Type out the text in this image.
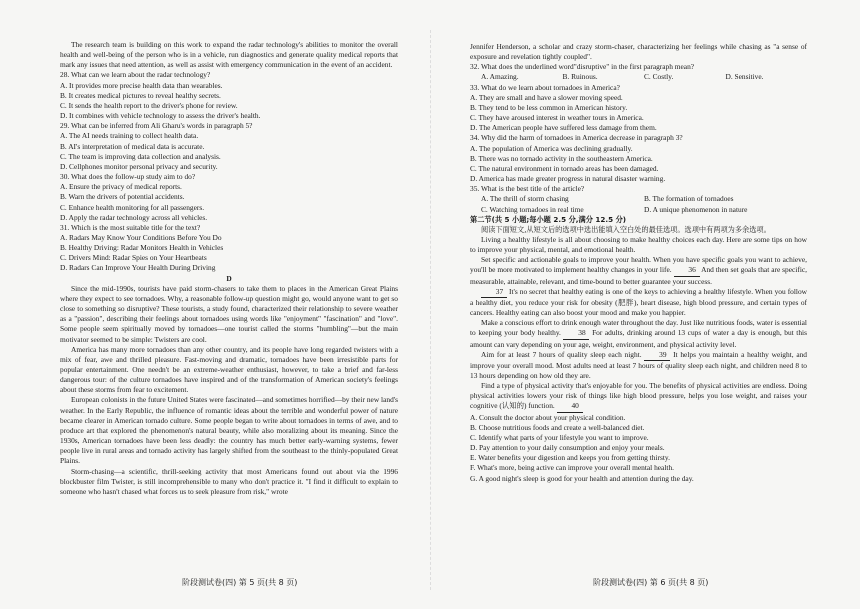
The research team is building on this work to expand the radar technology's abilities to monitor the overall health and well-being of the person who is in a vehicle, run diagnostics and generate quality medical reports that mark any issues that need attention, as well as assist with emergency communication in the event of an accident.

28. What can we learn about the radar technology?

A. It provides more precise health data than wearables.

B. It creates medical pictures to reveal healthy secrets.

C. It sends the health report to the driver's phone for review.

D. It combines with vehicle technology to assess the driver's health.

29. What can be inferred from Ali Gharu's words in paragraph 5?

A. The AI needs training to collect health data.

B. AI's interpretation of medical data is accurate.

C. The team is improving data collection and analysis.

D. Cellphones monitor personal privacy and security.

30. What does the follow-up study aim to do?

A. Ensure the privacy of medical reports.

B. Warn the drivers of potential accidents.

C. Enhance health monitoring for all passengers.

D. Apply the radar technology across all vehicles.

31. Which is the most suitable title for the text?

A. Radars May Know Your Conditions Before You Do

B. Healthy Driving: Radar Monitors Health in Vehicles

C. Drivers Mind: Radar Spies on Your Heartbeats

D. Radars Can Improve Your Health During Driving

D

Since the mid-1990s, tourists have paid storm-chasers to take them to places in the American Great Plains where they expect to see tornadoes. Why, a reasonable follow-up question might go, would anyone want to get so close to something so disruptive? These tourists, a study found, characterized their relationship to severe weather as a "passion", describing their feelings about tornadoes using words like "enjoyment" "fascination" and "love". Some people seem spiritually moved by tornadoes—one tourist called the storms "humbling"—but the main motivator seemed to be simple: Twisters are cool.

America has many more tornadoes than any other country, and its people have long regarded twisters with a mix of fear, awe and thrilled pleasure. Fast-moving and dramatic, tornadoes have been irresistible parts for popular entertainment. One needn't be an extreme-weather enthusiast, however, to take a brief and far-less dangerous tour: of the culture tornadoes have inspired and of the transformation of American society's feelings about these storms from fear to excitement.

European colonists in the future United States were fascinated—and sometimes horrified—by their new land's weather. In the Early Republic, the influence of romantic ideas about the terrible and wonderful power of nature became clearer in American tornado culture. Some people began to write about tornadoes in terms of awe, and to produce art that explored the phenomenon's natural beauty, while also moralizing about its meaning. Since the 1930s, American tornadoes have been less deadly: the country has much better early-warning systems, fewer people live in rural areas and tornado activity has largely shifted from the southeast to the thinly-populated Great Plains.

Storm-chasing—a scientific, thrill-seeking activity that most Americans found out about via the 1996 blockbuster film Twister, is still incomprehensible to many who don't practice it. "I find it difficult to explain to someone who hasn't chased what forces us to seek pleasure from risk," wrote

Jennifer Henderson, a scholar and crazy storm-chaser, characterizing her feelings while chasing as "a sense of exposure and revelation tightly coupled".

32. What does the underlined word"disruptive" in the first paragraph mean?

A. Amazing.	B. Ruinous.	C. Costly.	D. Sensitive.

33. What do we learn about tornadoes in America?

A. They are small and have a slower moving speed.

B. They tend to be less common in American history.

C. They have aroused interest in weather tours in America.

D. The American people have suffered less damage from them.

34. Why did the harm of tornadoes in America decrease in paragraph 3?

A. The population of America was declining gradually.

B. There was no tornado activity in the southeastern America.

C. The natural environment in tornado areas has been damaged.

D. America has made greater progress in natural disaster warning.

35. What is the best title of the article?

A. The thrill of storm chasing	B. The formation of tornadoes
C. Watching tornadoes in real time	D. A unique phenomenon in nature

第二节(共 5 小题;每小题 2.5 分,满分 12.5 分)

阅读下面短文,从短文后的选项中选出能填入空白处的最佳选项。选项中有两项为多余选项。

Living a healthy lifestyle is all about choosing to make healthy choices each day. Here are some tips on how to improve your physical, mental, and emotional health.

Set specific and actionable goals to improve your health. When you have specific goals you want to achieve, you'll be more motivated to implement healthy changes in your life. 36 And then set goals that are specific, measurable, attainable, relevant, and time-bound to better guarantee your success.

37 It's no secret that healthy eating is one of the keys to achieving a healthy lifestyle. When you follow a healthy diet, you reduce your risk for obesity (肥胖), heart disease, high blood pressure, and certain types of cancers. Healthy eating can also boost your mood and make you happier.

Make a conscious effort to drink enough water throughout the day. Just like nutritious foods, water is essential to keeping your body healthy. 38 For adults, drinking around 13 cups of water a day is enough, but this amount can vary depending on your age, weight, environment, and physical activity level.

Aim for at least 7 hours of quality sleep each night. 39 It helps you maintain a healthy weight, and improve your overall mood. Most adults need at least 7 hours of quality sleep each night, and children need 8 to 13 hours depending on how old they are.

Find a type of physical activity that's enjoyable for you. The benefits of physical activities are endless. Doing physical activities lowers your risk of things like high blood pressure, helps you lose weight, and raises your cognitive (认知的) function. 40

A. Consult the doctor about your physical condition.

B. Choose nutritious foods and create a well-balanced diet.

C. Identify what parts of your lifestyle you want to improve.

D. Pay attention to your daily consumption and enjoy your meals.

E. Water benefits your digestion and keeps you from getting thirsty.

F. What's more, being active can improve your overall mental health.

G. A good night's sleep is good for your health and attention during the day.

阶段测试卷(四) 第 5 页(共 8 页)	阶段测试卷(四) 第 6 页(共 8 页)
